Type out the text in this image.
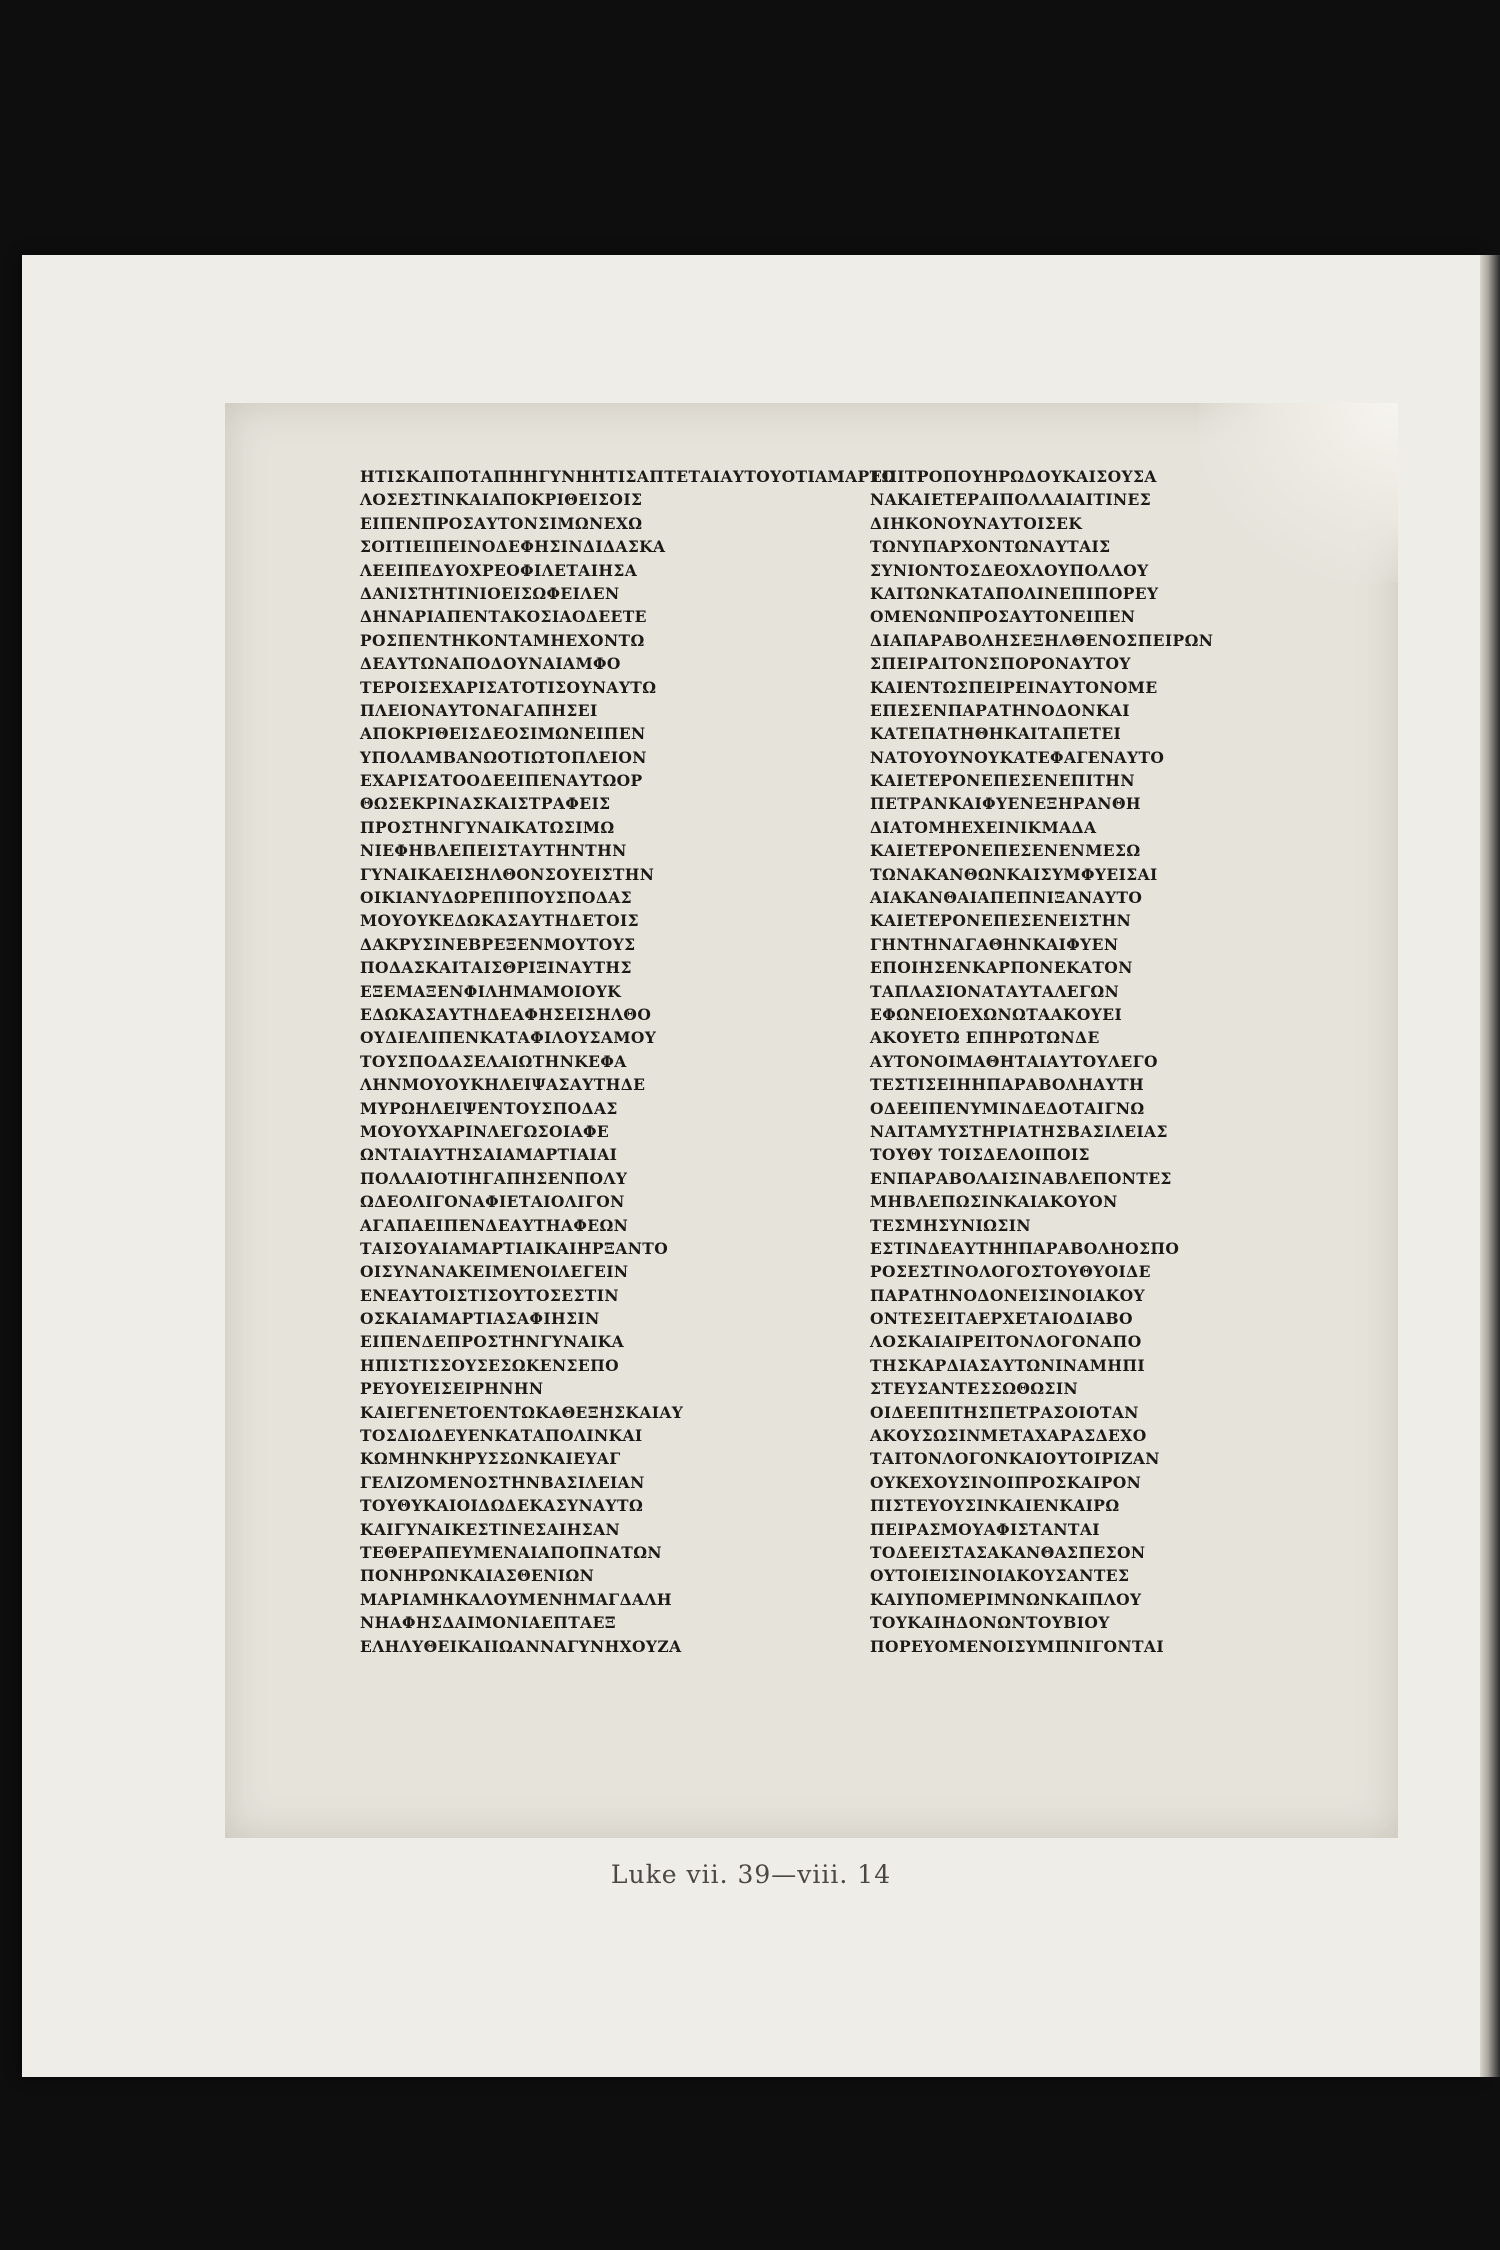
ΗΤΙΣΚΑΙΠΟΤΑΠΗΗΓΥΝΗΗΤΙΣΑΠΤΕΤΑΙΑΥΤΟΥΟΤΙΑΜΑΡΤΩ
ΛΟΣΕΣΤΙΝΚΑΙΑΠΟΚΡΙΘΕΙΣΟΙΣ
ΕΙΠΕΝΠΡΟΣΑΥΤΟΝΣΙΜΩΝΕΧΩ
ΣΟΙΤΙΕΙΠΕΙΝΟΔΕΦΗΣΙΝΔΙΔΑΣΚΑ
ΛΕΕΙΠΕΔΥΟΧΡΕΟΦΙΛΕΤΑΙΗΣΑ
ΔΑΝΙΣΤΗΤΙΝΙΟΕΙΣΩΦΕΙΛΕΝ
ΔΗΝΑΡΙΑΠΕΝΤΑΚΟΣΙΑΟΔΕΕΤΕ
ΡΟΣΠΕΝΤΗΚΟΝΤΑΜΗΕΧΟΝΤΩ
ΔΕΑΥΤΩΝΑΠΟΔΟΥΝΑΙΑΜΦΟ
ΤΕΡΟΙΣΕΧΑΡΙΣΑΤΟΤΙΣΟΥΝΑΥΤΩ
ΠΛΕΙΟΝΑΥΤΟΝΑΓΑΠΗΣΕΙ
ΑΠΟΚΡΙΘΕΙΣΔΕΟΣΙΜΩΝΕΙΠΕΝ
ΥΠΟΛΑΜΒΑΝΩΟΤΙΩΤΟΠΛΕΙΟΝ
ΕΧΑΡΙΣΑΤΟΟΔΕΕΙΠΕΝΑΥΤΩΟΡ
ΘΩΣΕΚΡΙΝΑΣΚΑΙΣΤΡΑΦΕΙΣ
ΠΡΟΣΤΗΝΓΥΝΑΙΚΑΤΩΣΙΜΩ
ΝΙΕΦΗΒΛΕΠΕΙΣΤΑΥΤΗΝΤΗΝ
ΓΥΝΑΙΚΑΕΙΣΗΛΘΟΝΣΟΥΕΙΣΤΗΝ
ΟΙΚΙΑΝΥΔΩΡΕΠΙΠΟΥΣΠΟΔΑΣ
ΜΟΥΟΥΚΕΔΩΚΑΣΑΥΤΗΔΕΤΟΙΣ
ΔΑΚΡΥΣΙΝΕΒΡΕΞΕΝΜΟΥΤΟΥΣ
ΠΟΔΑΣΚΑΙΤΑΙΣΘΡΙΞΙΝΑΥΤΗΣ
ΕΞΕΜΑΞΕΝΦΙΛΗΜΑΜΟΙΟΥΚ
ΕΔΩΚΑΣΑΥΤΗΔΕΑΦΗΣΕΙΣΗΛΘΟ
ΟΥΔΙΕΛΙΠΕΝΚΑΤΑΦΙΛΟΥΣΑΜΟΥ
ΤΟΥΣΠΟΔΑΣΕΛΑΙΩΤΗΝΚΕΦΑ
ΛΗΝΜΟΥΟΥΚΗΛΕΙΨΑΣΑΥΤΗΔΕ
ΜΥΡΩΗΛΕΙΨΕΝΤΟΥΣΠΟΔΑΣ
ΜΟΥΟΥΧΑΡΙΝΛΕΓΩΣΟΙΑΦΕ
ΩΝΤΑΙΑΥΤΗΣΑΙΑΜΑΡΤΙΑΙΑΙ
ΠΟΛΛΑΙΟΤΙΗΓΑΠΗΣΕΝΠΟΛΥ
ΩΔΕΟΛΙΓΟΝΑΦΙΕΤΑΙΟΛΙΓΟΝ
ΑΓΑΠΑΕΙΠΕΝΔΕΑΥΤΗΑΦΕΩΝ
ΤΑΙΣΟΥΑΙΑΜΑΡΤΙΑΙΚΑΙΗΡΞΑΝΤΟ
ΟΙΣΥΝΑΝΑΚΕΙΜΕΝΟΙΛΕΓΕΙΝ
ΕΝΕΑΥΤΟΙΣΤΙΣΟΥΤΟΣΕΣΤΙΝ
ΟΣΚΑΙΑΜΑΡΤΙΑΣΑΦΙΗΣΙΝ
ΕΙΠΕΝΔΕΠΡΟΣΤΗΝΓΥΝΑΙΚΑ
ΗΠΙΣΤΙΣΣΟΥΣΕΣΩΚΕΝΣΕΠΟ
ΡΕΥΟΥΕΙΣΕΙΡΗΝΗΝ
ΚΑΙΕΓΕΝΕΤΟΕΝΤΩΚΑΘΕΞΗΣΚΑΙΑΥ
ΤΟΣΔΙΩΔΕΥΕΝΚΑΤΑΠΟΛΙΝΚΑΙ
ΚΩΜΗΝΚΗΡΥΣΣΩΝΚΑΙΕΥΑΓ
ΓΕΛΙΖΟΜΕΝΟΣΤΗΝΒΑΣΙΛΕΙΑΝ
ΤΟΥΘΥΚΑΙΟΙΔΩΔΕΚΑΣΥΝΑΥΤΩ
ΚΑΙΓΥΝΑΙΚΕΣΤΙΝΕΣΑΙΗΣΑΝ
ΤΕΘΕΡΑΠΕΥΜΕΝΑΙΑΠΟΠΝΑΤΩΝ
ΠΟΝΗΡΩΝΚΑΙΑΣΘΕΝΙΩΝ
ΜΑΡΙΑΜΗΚΑΛΟΥΜΕΝΗΜΑΓΔΑΛΗ
ΝΗΑΦΗΣΔΑΙΜΟΝΙΑΕΠΤΑΕΞ
ΕΛΗΛΥΘΕΙΚΑΙΙΩΑΝΝΑΓΥΝΗΧΟΥΖΑ
ΕΠΙΤΡΟΠΟΥΗΡΩΔΟΥΚΑΙΣΟΥΣΑ
ΝΑΚΑΙΕΤΕΡΑΙΠΟΛΛΑΙΑΙΤΙΝΕΣ
ΔΙΗΚΟΝΟΥΝΑΥΤΟΙΣΕΚ
ΤΩΝΥΠΑΡΧΟΝΤΩΝΑΥΤΑΙΣ
ΣΥΝΙΟΝΤΟΣΔΕΟΧΛΟΥΠΟΛΛΟΥ
ΚΑΙΤΩΝΚΑΤΑΠΟΛΙΝΕΠΙΠΟΡΕΥ
ΟΜΕΝΩΝΠΡΟΣΑΥΤΟΝΕΙΠΕΝ
ΔΙΑΠΑΡΑΒΟΛΗΣΕΞΗΛΘΕΝΟΣΠΕΙΡΩΝ
ΣΠΕΙΡΑΙΤΟΝΣΠΟΡΟΝΑΥΤΟΥ
ΚΑΙΕΝΤΩΣΠΕΙΡΕΙΝΑΥΤΟΝΟΜΕ
ΕΠΕΣΕΝΠΑΡΑΤΗΝΟΔΟΝΚΑΙ
ΚΑΤΕΠΑΤΗΘΗΚΑΙΤΑΠΕΤΕΙ
ΝΑΤΟΥΟΥΝΟΥΚΑΤΕΦΑΓΕΝΑΥΤΟ
ΚΑΙΕΤΕΡΟΝΕΠΕΣΕΝΕΠΙΤΗΝ
ΠΕΤΡΑΝΚΑΙΦΥΕΝΕΞΗΡΑΝΘΗ
ΔΙΑΤΟΜΗΕΧΕΙΝΙΚΜΑΔΑ
ΚΑΙΕΤΕΡΟΝΕΠΕΣΕΝΕΝΜΕΣΩ
ΤΩΝΑΚΑΝΘΩΝΚΑΙΣΥΜΦΥΕΙΣΑΙ
ΑΙΑΚΑΝΘΑΙΑΠΕΠΝΙΞΑΝΑΥΤΟ
ΚΑΙΕΤΕΡΟΝΕΠΕΣΕΝΕΙΣΤΗΝ
ΓΗΝΤΗΝΑΓΑΘΗΝΚΑΙΦΥΕΝ
ΕΠΟΙΗΣΕΝΚΑΡΠΟΝΕΚΑΤΟΝ
ΤΑΠΛΑΣΙΟΝΑΤΑΥΤΑΛΕΓΩΝ
ΕΦΩΝΕΙΟΕΧΩΝΩΤΑΑΚΟΥΕΙ
ΑΚΟΥΕΤΩ ΕΠΗΡΩΤΩΝΔΕ
ΑΥΤΟΝΟΙΜΑΘΗΤΑΙΑΥΤΟΥΛΕΓΟ
ΤΕΣΤΙΣΕΙΗΗΠΑΡΑΒΟΛΗΑΥΤΗ
ΟΔΕΕΙΠΕΝΥΜΙΝΔΕΔΟΤΑΙΓΝΩ
ΝΑΙΤΑΜΥΣΤΗΡΙΑΤΗΣΒΑΣΙΛΕΙΑΣ
ΤΟΥΘΥ ΤΟΙΣΔΕΛΟΙΠΟΙΣ
ΕΝΠΑΡΑΒΟΛΑΙΣΙΝΑΒΛΕΠΟΝΤΕΣ
ΜΗΒΛΕΠΩΣΙΝΚΑΙΑΚΟΥΟΝ
ΤΕΣΜΗΣΥΝΙΩΣΙΝ
ΕΣΤΙΝΔΕΑΥΤΗΗΠΑΡΑΒΟΛΗΟΣΠΟ
ΡΟΣΕΣΤΙΝΟΛΟΓΟΣΤΟΥΘΥΟΙΔΕ
ΠΑΡΑΤΗΝΟΔΟΝΕΙΣΙΝΟΙΑΚΟΥ
ΟΝΤΕΣΕΙΤΑΕΡΧΕΤΑΙΟΔΙΑΒΟ
ΛΟΣΚΑΙΑΙΡΕΙΤΟΝΛΟΓΟΝΑΠΟ
ΤΗΣΚΑΡΔΙΑΣΑΥΤΩΝΙΝΑΜΗΠΙ
ΣΤΕΥΣΑΝΤΕΣΣΩΘΩΣΙΝ
ΟΙΔΕΕΠΙΤΗΣΠΕΤΡΑΣΟΙΟΤΑΝ
ΑΚΟΥΣΩΣΙΝΜΕΤΑΧΑΡΑΣΔΕΧΟ
ΤΑΙΤΟΝΛΟΓΟΝΚΑΙΟΥΤΟΙΡΙΖΑΝ
ΟΥΚΕΧΟΥΣΙΝΟΙΠΡΟΣΚΑΙΡΟΝ
ΠΙΣΤΕΥΟΥΣΙΝΚΑΙΕΝΚΑΙΡΩ
ΠΕΙΡΑΣΜΟΥΑΦΙΣΤΑΝΤΑΙ
ΤΟΔΕΕΙΣΤΑΣΑΚΑΝΘΑΣΠΕΣΟΝ
ΟΥΤΟΙΕΙΣΙΝΟΙΑΚΟΥΣΑΝΤΕΣ
ΚΑΙΥΠΟΜΕΡΙΜΝΩΝΚΑΙΠΛΟΥ
ΤΟΥΚΑΙΗΔΟΝΩΝΤΟΥΒΙΟΥ
ΠΟΡΕΥΟΜΕΝΟΙΣΥΜΠΝΙΓΟΝΤΑΙ
Luke vii. 39—viii. 14
